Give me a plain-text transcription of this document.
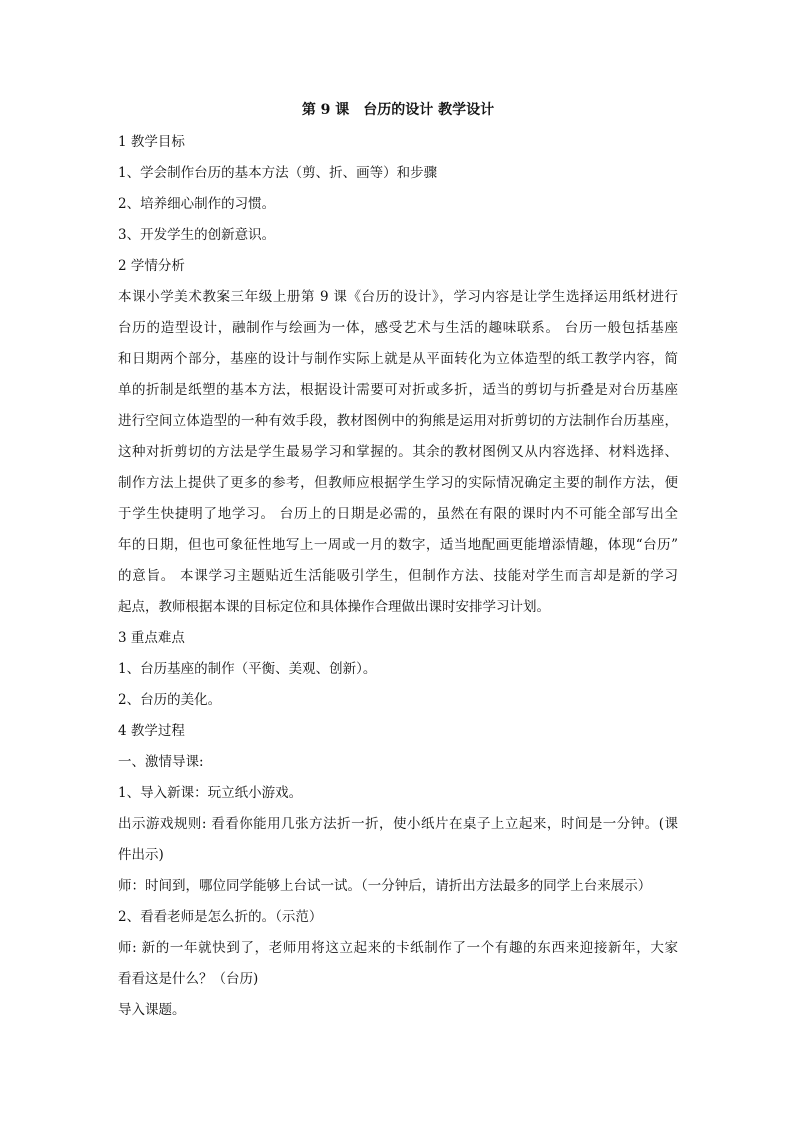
第 9 课　台历的设计 教学设计

1 教学目标

1、学会制作台历的基本方法（剪、折、画等）和步骤

2、培养细心制作的习惯。

3、开发学生的创新意识。

2 学情分析

本课小学美术教案三年级上册第 9 课《台历的设计》，学习内容是让学生选择运用纸材进行
台历的造型设计，融制作与绘画为一体，感受艺术与生活的趣味联系。 台历一般包括基座
和日期两个部分，基座的设计与制作实际上就是从平面转化为立体造型的纸工教学内容，简
单的折制是纸塑的基本方法，根据设计需要可对折或多折，适当的剪切与折叠是对台历基座
进行空间立体造型的一种有效手段，教材图例中的狗熊是运用对折剪切的方法制作台历基座，
这种对折剪切的方法是学生最易学习和掌握的。其余的教材图例又从内容选择、材料选择、
制作方法上提供了更多的参考，但教师应根据学生学习的实际情况确定主要的制作方法，便
于学生快捷明了地学习。 台历上的日期是必需的，虽然在有限的课时内不可能全部写出全
年的日期，但也可象征性地写上一周或一月的数字，适当地配画更能增添情趣，体现“台历”
的意旨。 本课学习主题贴近生活能吸引学生，但制作方法、技能对学生而言却是新的学习
起点，教师根据本课的目标定位和具体操作合理做出课时安排学习计划。

3 重点难点

1、台历基座的制作（平衡、美观、创新）。

2、台历的美化。

4 教学过程

一、激情导课:

1、导入新课：玩立纸小游戏。

出示游戏规则: 看看你能用几张方法折一折，使小纸片在桌子上立起来，时间是一分钟。(课
件出示)

师：时间到，哪位同学能够上台试一试。（一分钟后，请折出方法最多的同学上台来展示）

2、看看老师是怎么折的。（示范）

师: 新的一年就快到了，老师用将这立起来的卡纸制作了一个有趣的东西来迎接新年，大家
看看这是什么？（台历)

导入课题。
